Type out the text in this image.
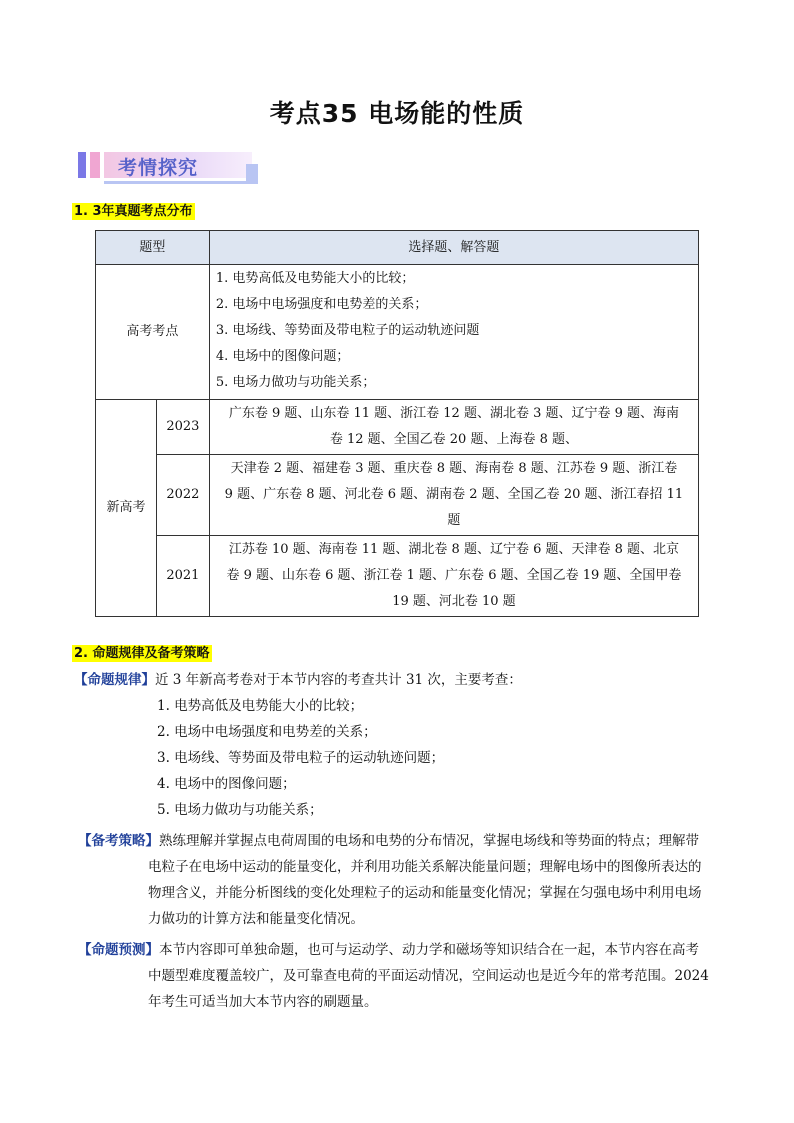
考点35 电场能的性质
考情探究
1. 3年真题考点分布
题型		选择题、解答题
高考考点		1. 电势高低及电势能大小的比较；
2. 电场中电场强度和电势差的关系；
3. 电场线、等势面及带电粒子的运动轨迹问题
4. 电场中的图像问题；
5. 电场力做功与功能关系；

新高考	2023	广东卷 9 题、山东卷 11 题、浙江卷 12 题、湖北卷 3 题、辽宁卷 9 题、海南
卷 12 题、全国乙卷 20 题、上海卷 8 题、

	2022	天津卷 2 题、福建卷 3 题、重庆卷 8 题、海南卷 8 题、江苏卷 9 题、浙江卷
9 题、广东卷 8 题、河北卷 6 题、湖南卷 2 题、全国乙卷 20 题、浙江春招 11
题

	2021	江苏卷 10 题、海南卷 11 题、湖北卷 8 题、辽宁卷 6 题、天津卷 8 题、北京
卷 9 题、山东卷 6 题、浙江卷 1 题、广东卷 6 题、全国乙卷 19 题、全国甲卷
19 题、河北卷 10 题
2. 命题规律及备考策略
【命题规律】近 3 年新高考卷对于本节内容的考查共计 31 次，主要考查：
1. 电势高低及电势能大小的比较；
2. 电场中电场强度和电势差的关系；
3. 电场线、等势面及带电粒子的运动轨迹问题；
4. 电场中的图像问题；
5. 电场力做功与功能关系；
【备考策略】熟练理解并掌握点电荷周围的电场和电势的分布情况，掌握电场线和等势面的特点；理解带
电粒子在电场中运动的能量变化，并利用功能关系解决能量问题；理解电场中的图像所表达的
物理含义，并能分析图线的变化处理粒子的运动和能量变化情况；掌握在匀强电场中利用电场
力做功的计算方法和能量变化情况。
【命题预测】本节内容即可单独命题，也可与运动学、动力学和磁场等知识结合在一起，本节内容在高考
中题型难度覆盖较广，及可靠查电荷的平面运动情况，空间运动也是近今年的常考范围。2024
年考生可适当加大本节内容的刷题量。
